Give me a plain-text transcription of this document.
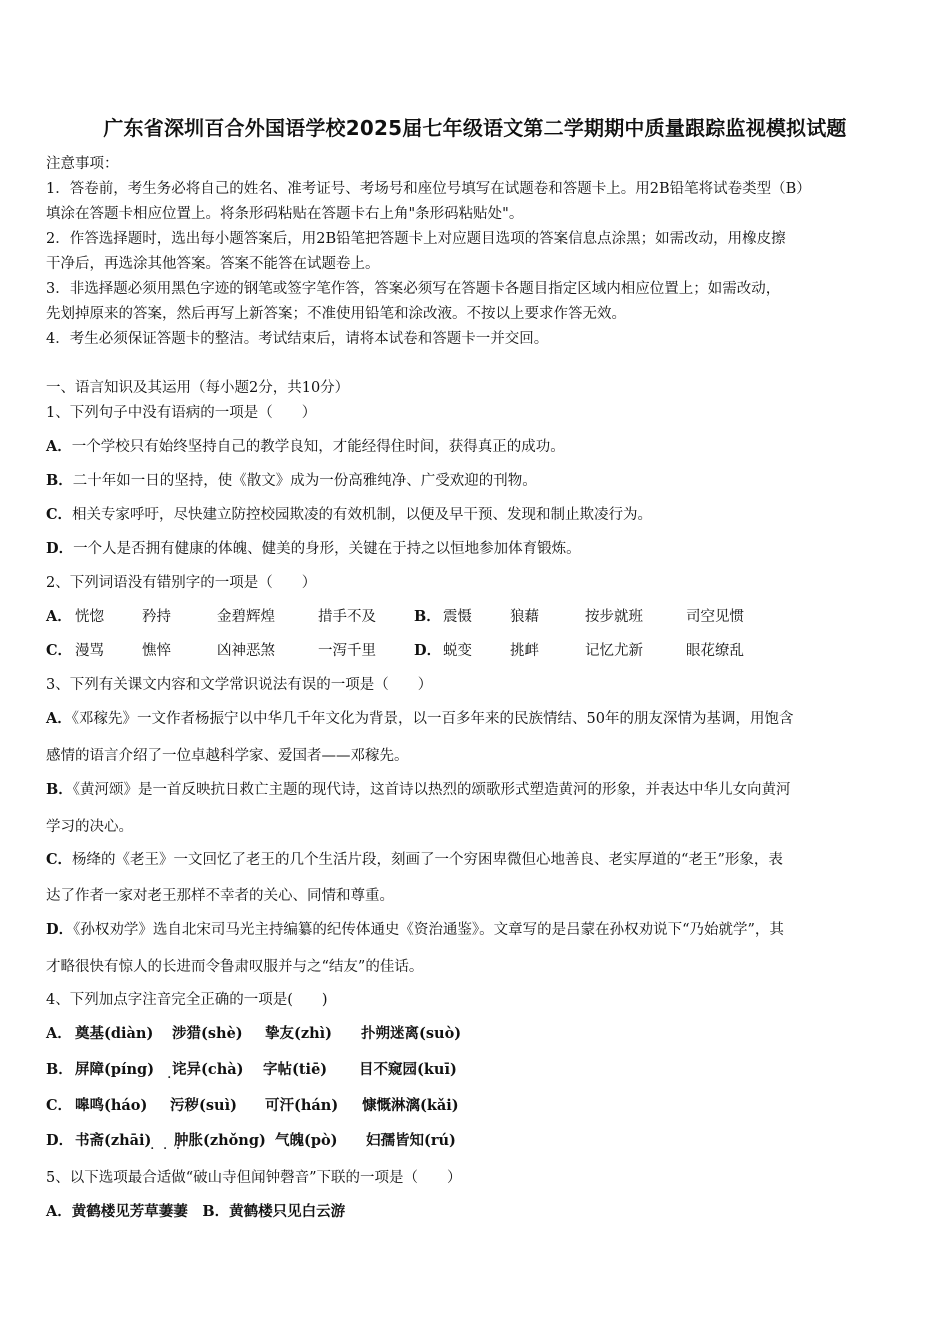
广东省深圳百合外国语学校2025届七年级语文第二学期期中质量跟踪监视模拟试题
注意事项：
1．答卷前，考生务必将自己的姓名、准考证号、考场号和座位号填写在试题卷和答题卡上。用2B铅笔将试卷类型（B）
填涂在答题卡相应位置上。将条形码粘贴在答题卡右上角"条形码粘贴处"。
2．作答选择题时，选出每小题答案后，用2B铅笔把答题卡上对应题目选项的答案信息点涂黑；如需改动，用橡皮擦
干净后，再选涂其他答案。答案不能答在试题卷上。
3．非选择题必须用黑色字迹的钢笔或签字笔作答，答案必须写在答题卡各题目指定区域内相应位置上；如需改动，
先划掉原来的答案，然后再写上新答案；不准使用铅笔和涂改液。不按以上要求作答无效。
4．考生必须保证答题卡的整洁。考试结束后，请将本试卷和答题卡一并交回。
一、语言知识及其运用（每小题2分，共10分）
1、下列句子中没有语病的一项是（　　）
A．一个学校只有始终坚持自己的教学良知，才能经得住时间，获得真正的成功。
B．二十年如一日的坚持，使《散文》成为一份高雅纯净、广受欢迎的刊物。
C．相关专家呼吁，尽快建立防控校园欺凌的有效机制，以便及早干预、发现和制止欺凌行为。
D．一个人是否拥有健康的体魄、健美的身形，关键在于持之以恒地参加体育锻炼。
2、下列词语没有错别字的一项是（　　）
A． 恍惚	矜持	金碧辉煌	措手不及	B． 震慑	狼藉	按步就班	司空见惯
C． 漫骂	憔悴	凶神恶煞	一泻千里	D． 蜕变	挑衅	记忆尤新	眼花缭乱
3、下列有关课文内容和文学常识说法有误的一项是（　　）
A．《邓稼先》一文作者杨振宁以中华几千年文化为背景，以一百多年来的民族情结、50年的朋友深情为基调，用饱含
感情的语言介绍了一位卓越科学家、爱国者——邓稼先。
B．《黄河颂》是一首反映抗日救亡主题的现代诗，这首诗以热烈的颂歌形式塑造黄河的形象，并表达中华儿女向黄河
学习的决心。
C．杨绛的《老王》一文回忆了老王的几个生活片段，刻画了一个穷困卑微但心地善良、老实厚道的“老王”形象，表
达了作者一家对老王那样不幸者的关心、同情和尊重。
D．《孙权劝学》选自北宋司马光主持编纂的纪传体通史《资治通鉴》。文章写的是吕蒙在孙权劝说下“乃始就学”，其
才略很快有惊人的长进而令鲁肃叹服并与之“结友”的佳话。
4、下列加点字注音完全正确的一项是(　　)
A． 奠基(diàn) 涉猎(shè) 挚友(zhì) 扑朔迷离(suò)
B． 屏障(píng) 诧异(chà) 字帖(tiē) 目不窥园(kuī)
.
C． 嗥鸣(háo) 污秽(suì) 可汗(hán) 慷慨淋漓(kǎi)
D． 书斋(zhāi) 肿胀(zhǒng) 气魄(pò) 妇孺皆知(rú)
. . .
5、以下选项最合适做“破山寺但闻钟磬音”下联的一项是（　　）
A．黄鹤楼见芳草萋萋 B．黄鹤楼只见白云游
